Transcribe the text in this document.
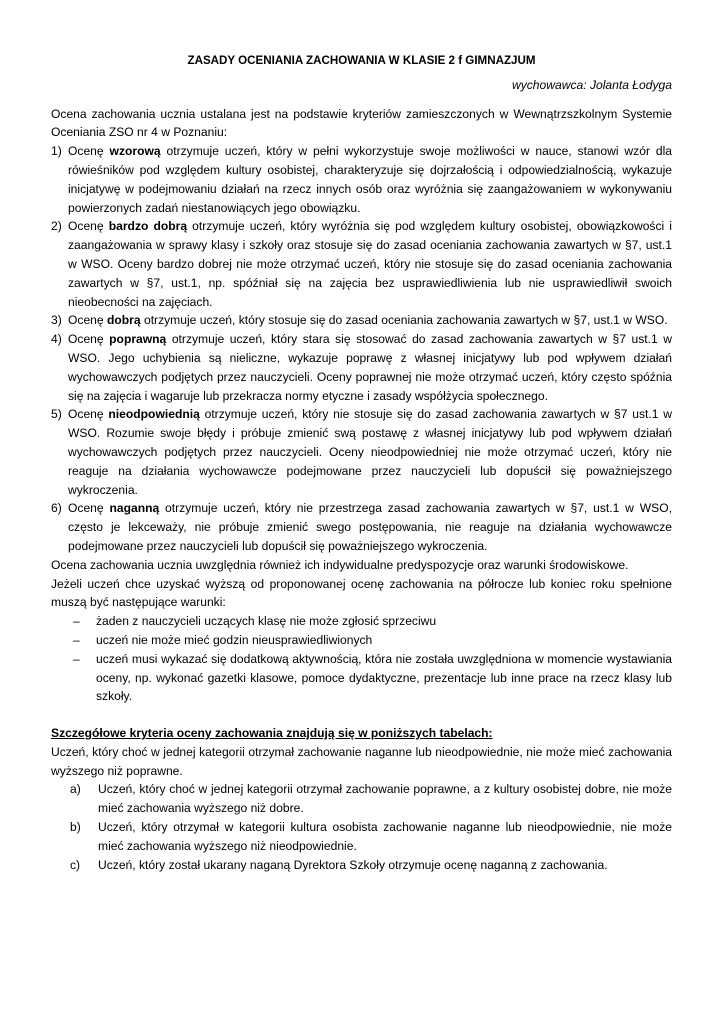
ZASADY OCENIANIA ZACHOWANIA W KLASIE 2 f GIMNAZJUM
wychowawca: Jolanta Łodyga

Ocena zachowania ucznia ustalana jest na podstawie kryteriów zamieszczonych w Wewnątrzszkolnym Systemie Oceniania ZSO nr 4 w Poznaniu:

1) Ocenę wzorową otrzymuje uczeń, który w pełni wykorzystuje swoje możliwości w nauce, stanowi wzór dla rówieśników pod względem kultury osobistej, charakteryzuje się dojrzałością i odpowiedzialnością, wykazuje inicjatywę w podejmowaniu działań na rzecz innych osób oraz wyróżnia się zaangażowaniem w wykonywaniu powierzonych zadań niestanowiących jego obowiązku.
2) Ocenę bardzo dobrą otrzymuje uczeń, który wyróżnia się pod względem kultury osobistej, obowiązkowości i zaangażowania w sprawy klasy i szkoły oraz stosuje się do zasad oceniania zachowania zawartych w §7, ust.1 w WSO. Oceny bardzo dobrej nie może otrzymać uczeń, który nie stosuje się do zasad oceniania zachowania zawartych w §7, ust.1, np. spóźniał się na zajęcia bez usprawiedliwienia lub nie usprawiedliwił swoich nieobecności na zajęciach.
3) Ocenę dobrą otrzymuje uczeń, który stosuje się do zasad oceniania zachowania zawartych w §7, ust.1 w WSO.
4) Ocenę poprawną otrzymuje uczeń, który stara się stosować do zasad zachowania zawartych w §7 ust.1 w WSO. Jego uchybienia są nieliczne, wykazuje poprawę z własnej inicjatywy lub pod wpływem działań wychowawczych podjętych przez nauczycieli. Oceny poprawnej nie może otrzymać uczeń, który często spóźnia się na zajęcia i wagaruje lub przekracza normy etyczne i zasady współżycia społecznego.
5) Ocenę nieodpowiednią otrzymuje uczeń, który nie stosuje się do zasad zachowania zawartych w §7 ust.1 w WSO. Rozumie swoje błędy i próbuje zmienić swą postawę z własnej inicjatywy lub pod wpływem działań wychowawczych podjętych przez nauczycieli. Oceny nieodpowiedniej nie może otrzymać uczeń, który nie reaguje na działania wychowawcze podejmowane przez nauczycieli lub dopuścił się poważniejszego wykroczenia.
6) Ocenę naganną otrzymuje uczeń, który nie przestrzega zasad zachowania zawartych w §7, ust.1 w WSO, często je lekceważy, nie próbuje zmienić swego postępowania, nie reaguje na działania wychowawcze podejmowane przez nauczycieli lub dopuścił się poważniejszego wykroczenia.

Ocena zachowania ucznia uwzględnia również ich indywidualne predyspozycje oraz warunki środowiskowe.

Jeżeli uczeń chce uzyskać wyższą od proponowanej ocenę zachowania na półrocze lub koniec roku spełnione muszą być następujące warunki:

– żaden z nauczycieli uczących klasę nie może zgłosić sprzeciwu
– uczeń nie może mieć godzin nieusprawiedliwionych
– uczeń musi wykazać się dodatkową aktywnością, która nie została uwzględniona w momencie wystawiania oceny, np. wykonać gazetki klasowe, pomoce dydaktyczne, prezentacje lub inne prace na rzecz klasy lub szkoły.

Szczegółowe kryteria oceny zachowania znajdują się w poniższych tabelach:

Uczeń, który choć w jednej kategorii otrzymał zachowanie naganne lub nieodpowiednie, nie może mieć zachowania wyższego niż poprawne.

a) Uczeń, który choć w jednej kategorii otrzymał zachowanie poprawne, a z kultury osobistej dobre, nie może mieć zachowania wyższego niż dobre.
b) Uczeń, który otrzymał w kategorii kultura osobista zachowanie naganne lub nieodpowiednie, nie może mieć zachowania wyższego niż nieodpowiednie.
c) Uczeń, który został ukarany naganą Dyrektora Szkoły otrzymuje ocenę naganną z zachowania.
